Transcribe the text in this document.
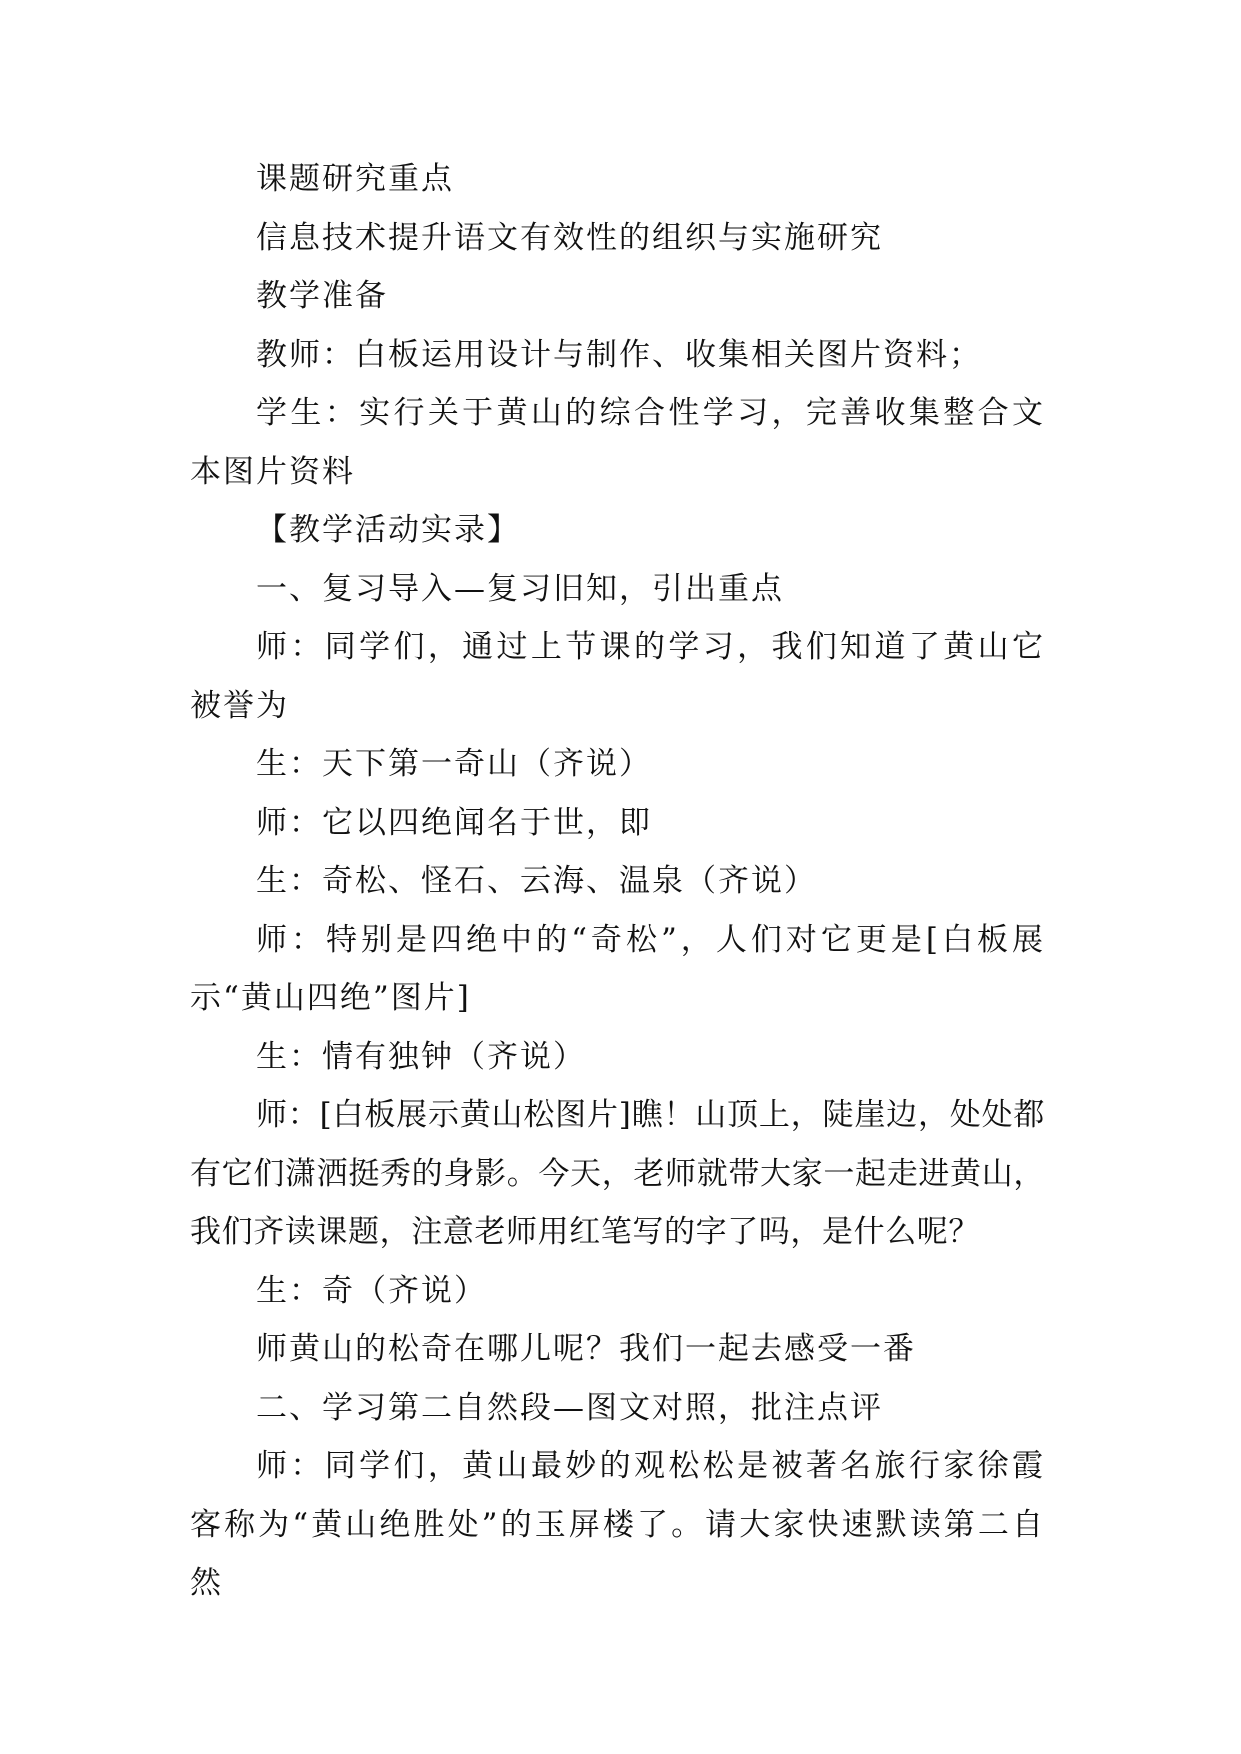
课题研究重点

信息技术提升语文有效性的组织与实施研究

教学准备

教师：白板运用设计与制作、收集相关图片资料；

学生：实行关于黄山的综合性学习，完善收集整合文本图片资料

【教学活动实录】

一、复习导入—复习旧知，引出重点

师：同学们，通过上节课的学习，我们知道了黄山它被誉为

生：天下第一奇山（齐说）

师：它以四绝闻名于世，即

生：奇松、怪石、云海、温泉（齐说）

师：特别是四绝中的“奇松”，人们对它更是[白板展示“黄山四绝”图片]

生：情有独钟（齐说）

师：[白板展示黄山松图片]瞧！山顶上，陡崖边，处处都有它们潇洒挺秀的身影。今天，老师就带大家一起走进黄山，我们齐读课题，注意老师用红笔写的字了吗，是什么呢？

生：奇（齐说）

师黄山的松奇在哪儿呢？我们一起去感受一番

二、学习第二自然段—图文对照，批注点评

师：同学们，黄山最妙的观松松是被著名旅行家徐霞客称为“黄山绝胜处”的玉屏楼了。请大家快速默读第二自然
